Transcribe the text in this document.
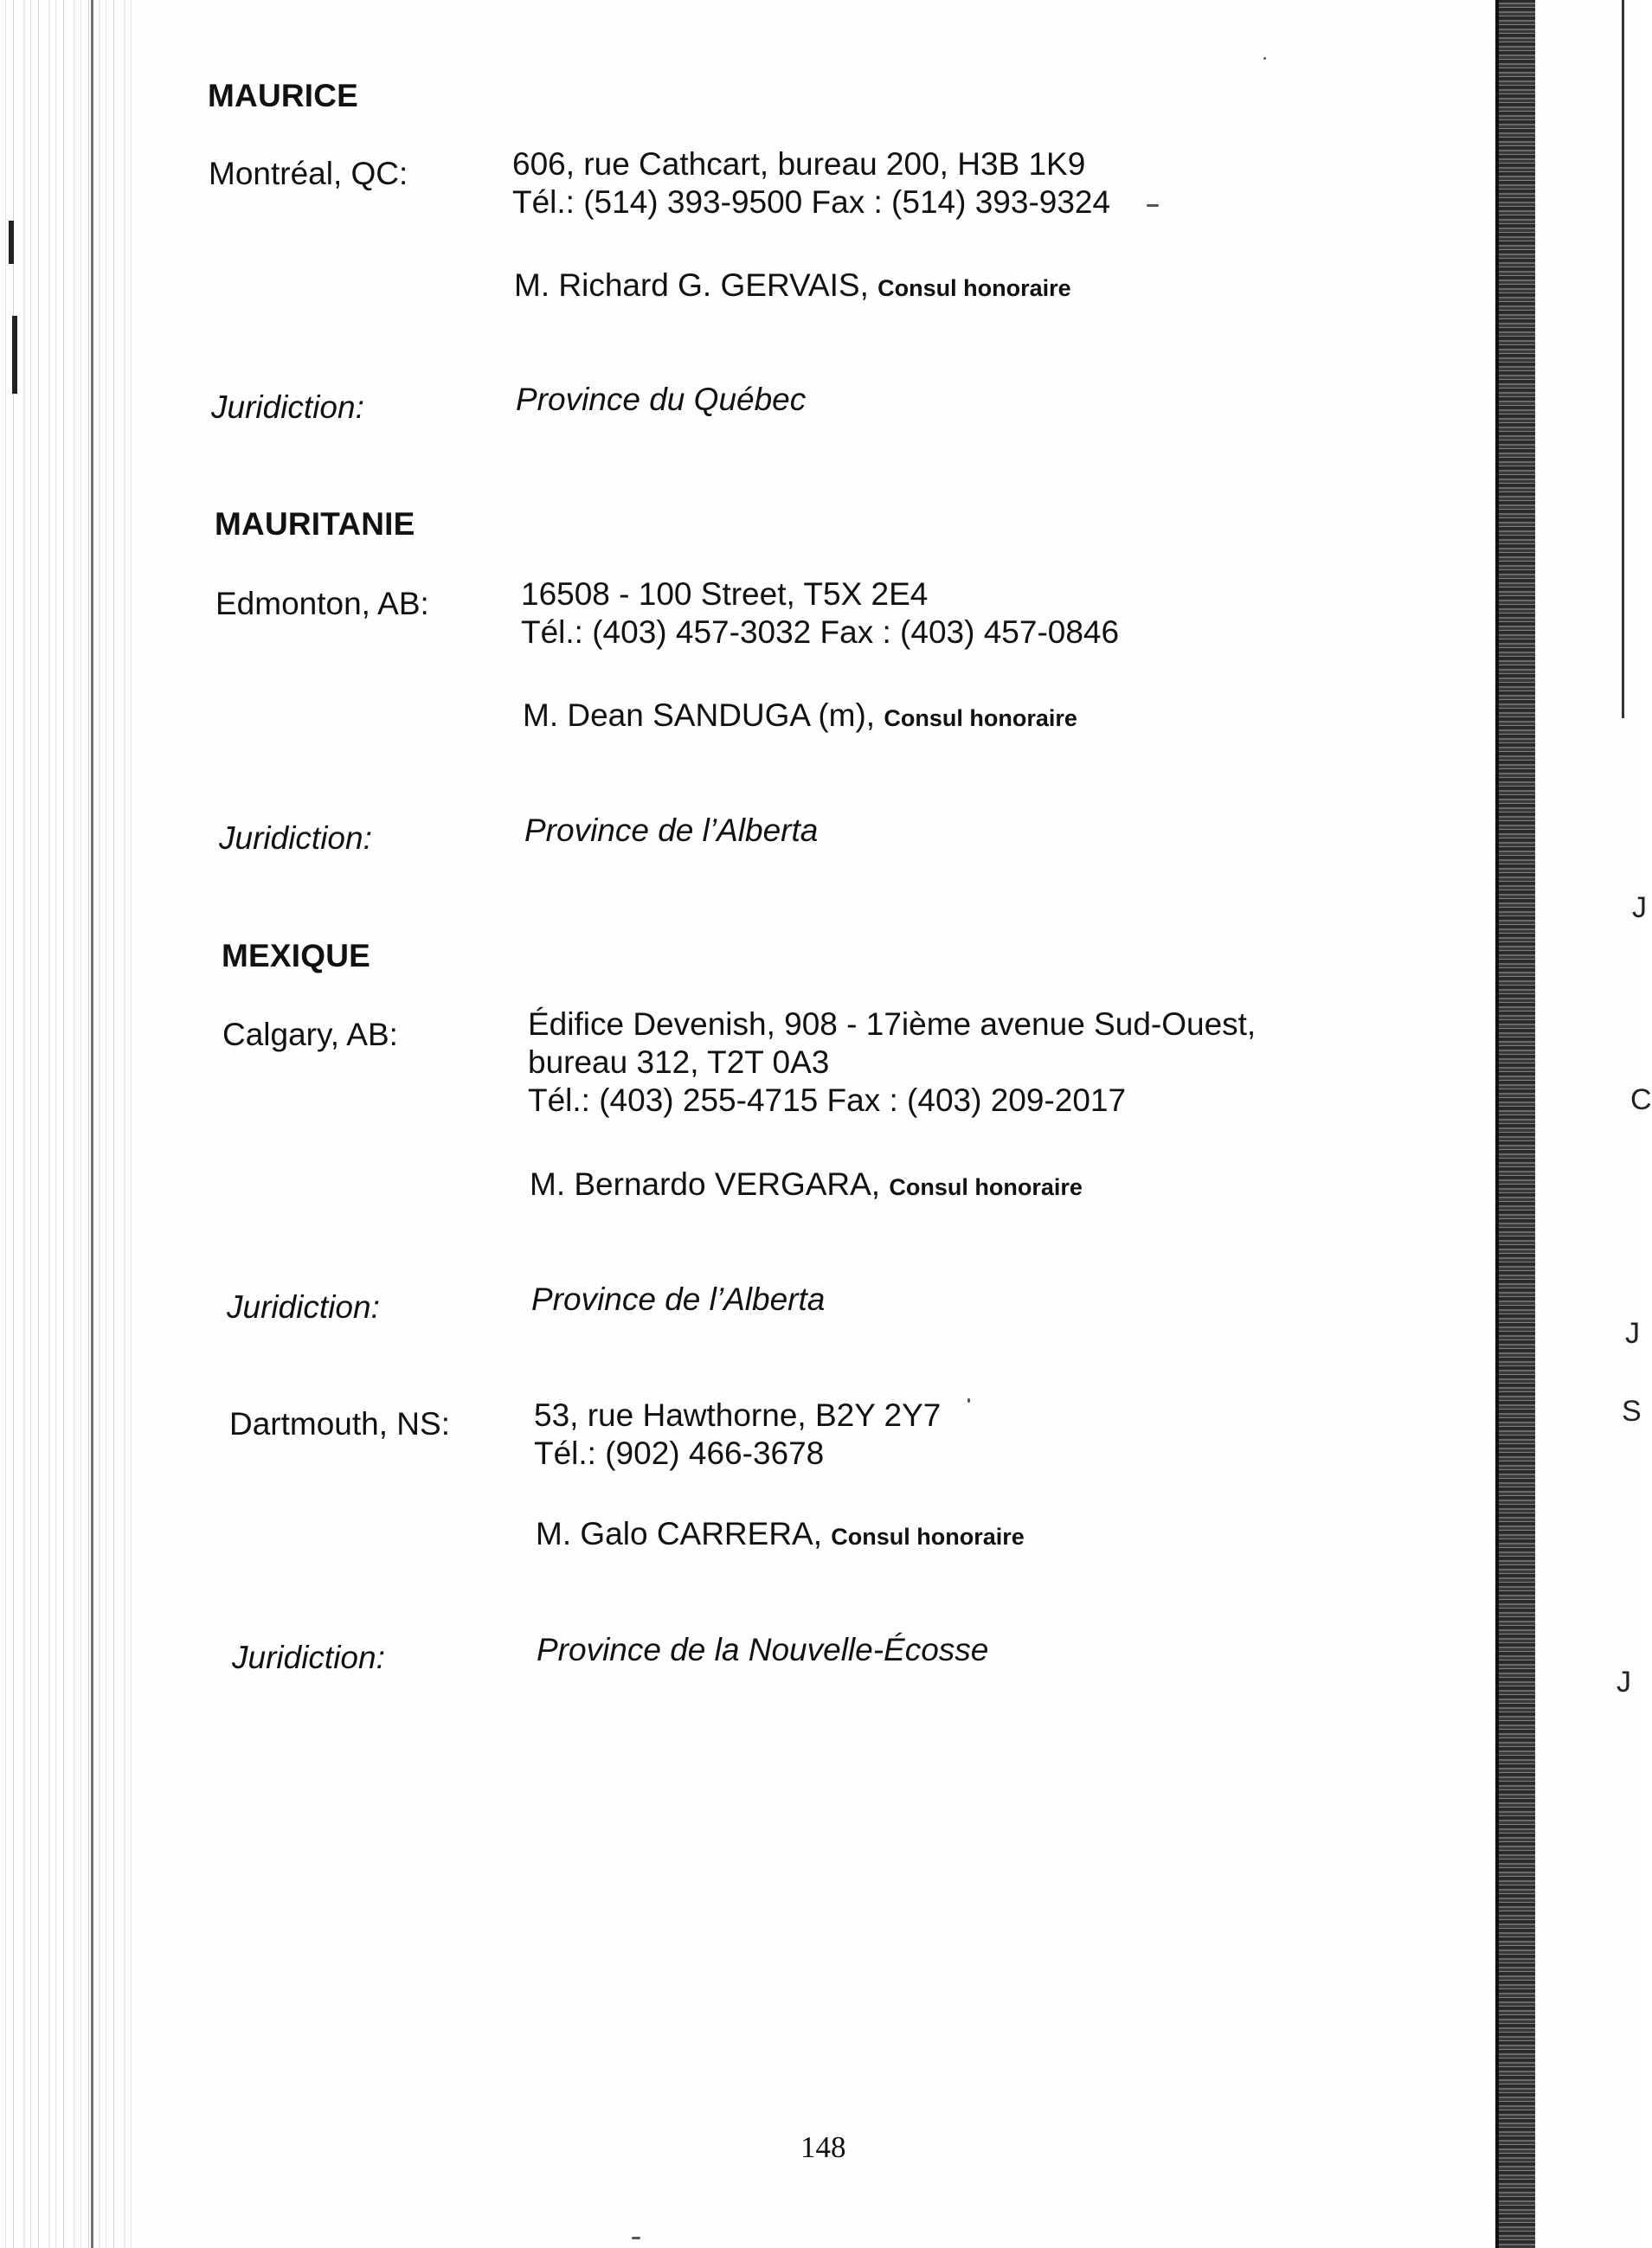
MAURICE
Montréal, QC:	606, rue Cathcart, bureau 200, H3B 1K9
Tél.: (514) 393-9500 Fax : (514) 393-9324
M. Richard G. GERVAIS, Consul honoraire
Juridiction:	Province du Québec
MAURITANIE
Edmonton, AB:	16508 - 100 Street, T5X 2E4
Tél.: (403) 457-3032 Fax : (403) 457-0846
M. Dean SANDUGA (m), Consul honoraire
Juridiction:	Province de l’Alberta
MEXIQUE
Calgary, AB:	Édifice Devenish, 908 - 17ième avenue Sud-Ouest,
bureau 312, T2T 0A3
Tél.: (403) 255-4715 Fax : (403) 209-2017
M. Bernardo VERGARA, Consul honoraire
Juridiction:	Province de l’Alberta
Dartmouth, NS:	53, rue Hawthorne, B2Y 2Y7
Tél.: (902) 466-3678
M. Galo CARRERA, Consul honoraire
Juridiction:	Province de la Nouvelle-Écosse
148
J
C
J
S
J
